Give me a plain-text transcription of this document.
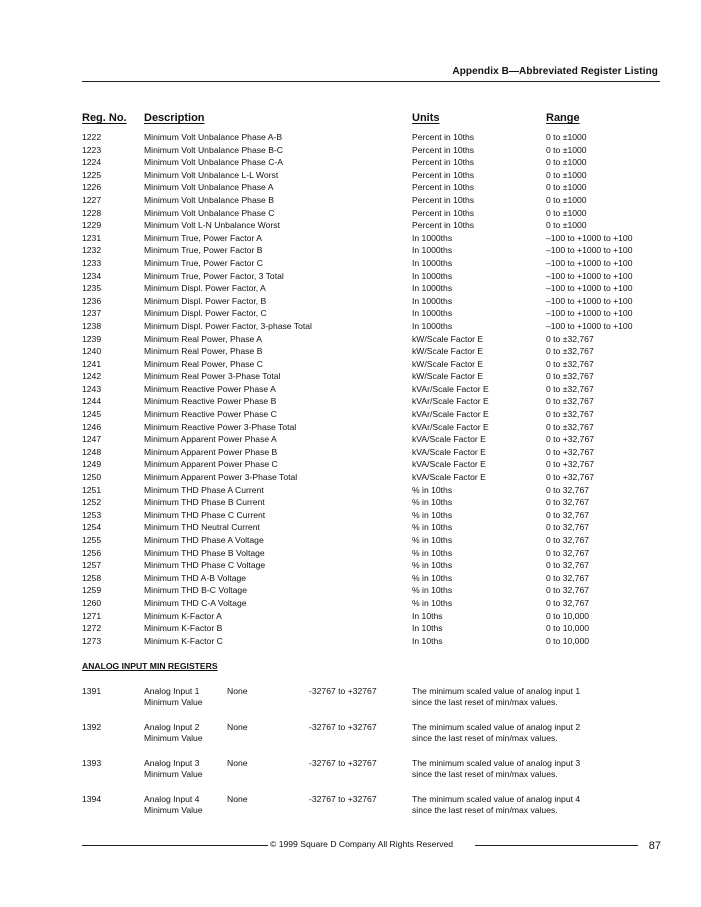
Appendix B—Abbreviated Register Listing
Reg. No. Description	Units	Range
1222	Minimum Volt Unbalance Phase A-B	Percent in 10ths	0 to ±1000
1223	Minimum Volt Unbalance Phase B-C	Percent in 10ths	0 to ±1000
1224	Minimum Volt Unbalance Phase C-A	Percent in 10ths	0 to ±1000
1225	Minimum Volt Unbalance L-L Worst	Percent in 10ths	0 to ±1000
1226	Minimum Volt Unbalance Phase A	Percent in 10ths	0 to ±1000
1227	Minimum Volt Unbalance Phase B	Percent in 10ths	0 to ±1000
1228	Minimum Volt Unbalance Phase C	Percent in 10ths	0 to ±1000
1229	Minimum Volt L-N Unbalance Worst	Percent in 10ths	0 to ±1000
1231	Minimum True, Power Factor A	In 1000ths	–100 to +1000 to +100
1232	Minimum True, Power Factor B	In 1000ths	–100 to +1000 to +100
1233	Minimum True, Power Factor C	In 1000ths	–100 to +1000 to +100
1234	Minimum True, Power Factor, 3 Total	In 1000ths	–100 to +1000 to +100
1235	Minimum Displ. Power Factor, A	In 1000ths	–100 to +1000 to +100
1236	Minimum Displ. Power Factor, B	In 1000ths	–100 to +1000 to +100
1237	Minimum Displ. Power Factor, C	In 1000ths	–100 to +1000 to +100
1238	Minimum Displ. Power Factor, 3-phase Total	In 1000ths	–100 to +1000 to +100
1239	Minimum Real Power, Phase A	kW/Scale Factor E	0 to ±32,767
1240	Minimum Real Power, Phase B	kW/Scale Factor E	0 to ±32,767
1241	Minimum Real Power, Phase C	kW/Scale Factor E	0 to ±32,767
1242	Minimum Real Power 3-Phase Total	kW/Scale Factor E	0 to ±32,767
1243	Minimum Reactive Power Phase A	kVAr/Scale Factor E	0 to ±32,767
1244	Minimum Reactive Power Phase B	kVAr/Scale Factor E	0 to ±32,767
1245	Minimum Reactive Power Phase C	kVAr/Scale Factor E	0 to ±32,767
1246	Minimum Reactive Power 3-Phase Total	kVAr/Scale Factor E	0 to ±32,767
1247	Minimum Apparent Power Phase A	kVA/Scale Factor E	0 to +32,767
1248	Minimum Apparent Power Phase B	kVA/Scale Factor E	0 to +32,767
1249	Minimum Apparent Power Phase C	kVA/Scale Factor E	0 to +32,767
1250	Minimum Apparent Power 3-Phase Total	kVA/Scale Factor E	0 to +32,767
1251	Minimum THD Phase A Current	% in 10ths	0 to 32,767
1252	Minimum THD Phase B Current	% in 10ths	0 to 32,767
1253	Minimum THD Phase C Current	% in 10ths	0 to 32,767
1254	Minimum THD Neutral Current	% in 10ths	0 to 32,767
1255	Minimum THD Phase A Voltage	% in 10ths	0 to 32,767
1256	Minimum THD Phase B Voltage	% in 10ths	0 to 32,767
1257	Minimum THD Phase C Voltage	% in 10ths	0 to 32,767
1258	Minimum THD A-B Voltage	% in 10ths	0 to 32,767
1259	Minimum THD B-C Voltage	% in 10ths	0 to 32,767
1260	Minimum THD C-A Voltage	% in 10ths	0 to 32,767
1271	Minimum K-Factor A	In 10ths	0 to 10,000
1272	Minimum K-Factor B	In 10ths	0 to 10,000
1273	Minimum K-Factor C	In 10ths	0 to 10,000
ANALOG INPUT MIN REGISTERS
1391	Analog Input 1
Minimum Value
None	-32767 to +32767	The minimum scaled value of analog input 1
since the last reset of min/max values.
1392	Analog Input 2
Minimum Value
None	-32767 to +32767	The minimum scaled value of analog input 2
since the last reset of min/max values.
1393	Analog Input 3
Minimum Value
None	-32767 to +32767	The minimum scaled value of analog input 3
since the last reset of min/max values.
1394	Analog Input 4
Minimum Value
None	-32767 to +32767	The minimum scaled value of analog input 4
since the last reset of min/max values.
© 1999 Square D Company All Rights Reserved	87
